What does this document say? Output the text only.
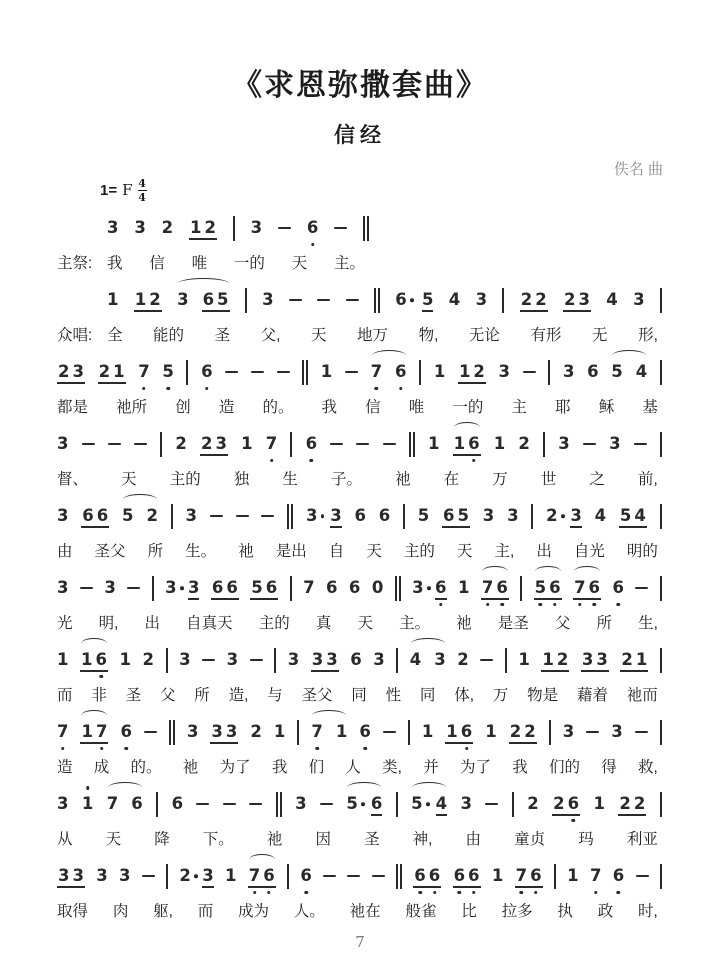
《求恩弥撒套曲》
信经
佚名 曲
1= F $\frac{4}{4}$
3 3 2 1 2 3	6
主祭: 我 信 唯 一的 天 主。
1 1 2 3 6 5 3	6 5 4 3 2 2 2 3 4 3
众唱: 全 能的 圣 父, 天 地万 物, 无论 有形 无 形,
2 3 2 1 7 5 6	1 7 6 1 1 2 3	3 6 5 4
都是 祂所 创 造 的。 我 信 唯 一的 主 耶 稣 基
3	2 2 3 1 7 6	1 1 6 1 2 3 3
督、 天 主的 独 生 子。 祂 在 万 世 之 前,
3 6 6 5 2 3	3 3 6 6 5 6 5 3 3 2 3 4 5 4
由 圣父 所 生。 祂 是出 自 天 主的 天 主, 出 自光 明的
3 3	3 3 6 6 5 6 7 6 6 0 3 6 1 7 6 5 6 7 6 6
光 明, 出 自真天 主的 真 天 主。 祂 是圣 父 所 生,
1 1 6 1 2 3 3	3 3 3 6 3 4 3 2	1 1 2 3 3 2 1
而 非 圣 父 所 造, 与 圣父 同 性 同 体, 万 物是 藉着 祂而
7 1 7 6	3 3 3 2 1 7 1 6	1 1 6 1 2 2 3 3
造 成 的。 祂 为了 我 们 人 类, 并 为了 我 们的 得 救,
3 1 7 6 6	3 5 6 5 4 3	2 2 6 1 2 2
从 天 降 下。 祂 因 圣 神, 由 童贞 玛 利亚
3 3 3 3	2 3 1 7 6 6	6 6 6 6 1 7 6 1 7 6
取得 肉 躯, 而 成为 人。 祂在 般雀 比 拉多 执 政 时,
7
